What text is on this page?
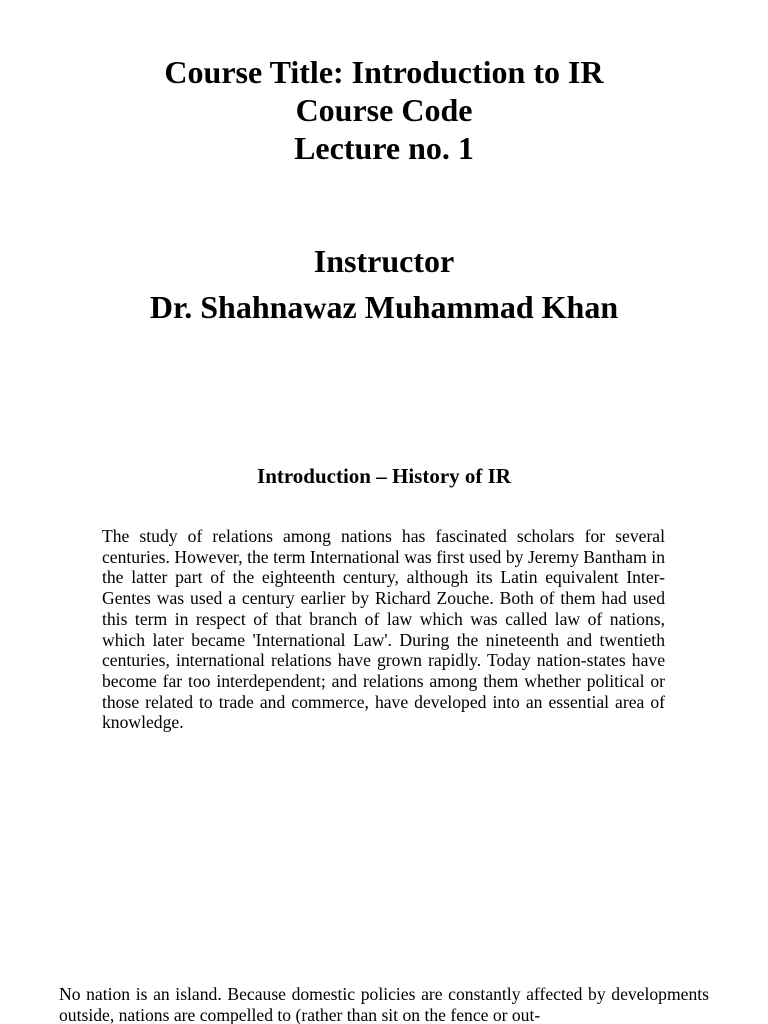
Course Title: Introduction to IR
Course Code
Lecture no. 1
Instructor
Dr. Shahnawaz Muhammad Khan
Introduction – History of IR

The study of relations among nations has fascinated scholars for several centuries. However, the term International was first used by Jeremy Bantham in the latter part of the eighteenth century, although its Latin equivalent Inter-Gentes was used a century earlier by Richard Zouche. Both of them had used this term in respect of that branch of law which was called law of nations, which later became 'International Law'. During the nineteenth and twentieth centuries, international relations have grown rapidly. Today nation-states have become far too interdependent; and relations among them whether political or those related to trade and commerce, have developed into an essential area of knowledge.

No nation is an island. Because domestic policies are constantly affected by developments outside, nations are compelled to (rather than sit on the fence or out-
